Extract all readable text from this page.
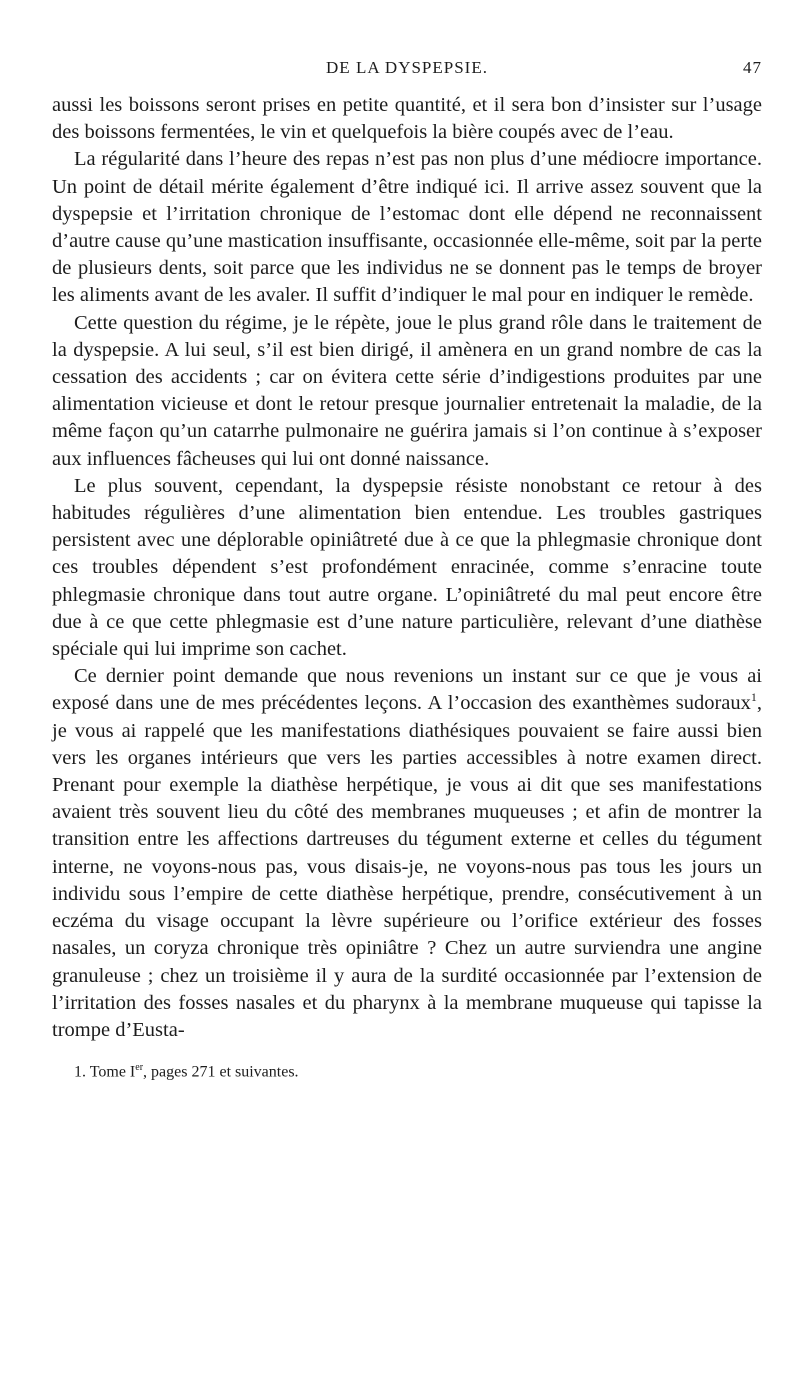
DE LA DYSPEPSIE.	47

aussi les boissons seront prises en petite quantité, et il sera bon d’insister sur l’usage des boissons fermentées, le vin et quelquefois la bière coupés avec de l’eau.

La régularité dans l’heure des repas n’est pas non plus d’une médiocre importance. Un point de détail mérite également d’être indiqué ici. Il arrive assez souvent que la dyspepsie et l’irritation chronique de l’estomac dont elle dépend ne reconnaissent d’autre cause qu’une mastication insuffisante, occasionnée elle-même, soit par la perte de plusieurs dents, soit parce que les individus ne se donnent pas le temps de broyer les aliments avant de les avaler. Il suffit d’indiquer le mal pour en indiquer le remède.

Cette question du régime, je le répète, joue le plus grand rôle dans le traitement de la dyspepsie. A lui seul, s’il est bien dirigé, il amènera en un grand nombre de cas la cessation des accidents ; car on évitera cette série d’indigestions produites par une alimentation vicieuse et dont le retour presque journalier entretenait la maladie, de la même façon qu’un catarrhe pulmonaire ne guérira jamais si l’on continue à s’exposer aux influences fâcheuses qui lui ont donné naissance.

Le plus souvent, cependant, la dyspepsie résiste nonobstant ce retour à des habitudes régulières d’une alimentation bien entendue. Les troubles gastriques persistent avec une déplorable opiniâtreté due à ce que la phlegmasie chronique dont ces troubles dépendent s’est profondément enracinée, comme s’enracine toute phlegmasie chronique dans tout autre organe. L’opiniâtreté du mal peut encore être due à ce que cette phlegmasie est d’une nature particulière, relevant d’une diathèse spéciale qui lui imprime son cachet.

Ce dernier point demande que nous revenions un instant sur ce que je vous ai exposé dans une de mes précédentes leçons. A l’occasion des exanthèmes sudoraux$^1$, je vous ai rappelé que les manifestations diathésiques pouvaient se faire aussi bien vers les organes intérieurs que vers les parties accessibles à notre examen direct. Prenant pour exemple la diathèse herpétique, je vous ai dit que ses manifestations avaient très souvent lieu du côté des membranes muqueuses ; et afin de montrer la transition entre les affections dartreuses du tégument externe et celles du tégument interne, ne voyons-nous pas, vous disais-je, ne voyons-nous pas tous les jours un individu sous l’empire de cette diathèse herpétique, prendre, consécutivement à un eczéma du visage occupant la lèvre supérieure ou l’orifice extérieur des fosses nasales, un coryza chronique très opiniâtre ? Chez un autre surviendra une angine granuleuse ; chez un troisième il y aura de la surdité occasionnée par l’extension de l’irritation des fosses nasales et du pharynx à la membrane muqueuse qui tapisse la trompe d’Eusta-

1. Tome Ier, pages 271 et suivantes.
